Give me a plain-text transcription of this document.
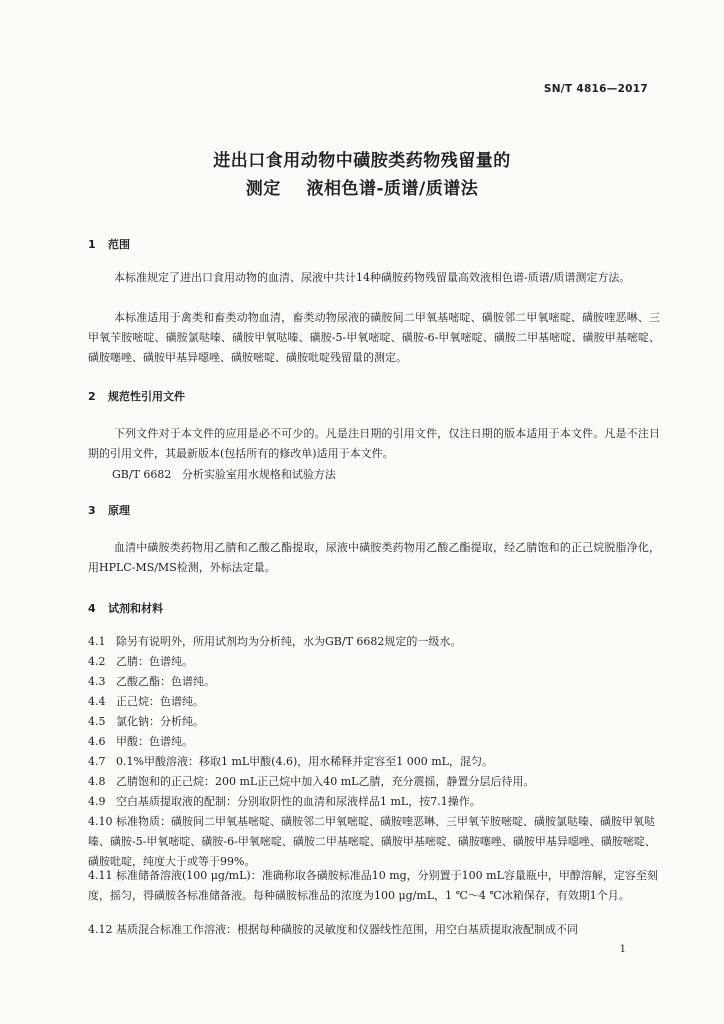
SN/T 4816—2017
进出口食用动物中磺胺类药物残留量的
测定    液相色谱-质谱/质谱法
1 范围
本标准规定了进出口食用动物的血清、尿液中共计14种磺胺药物残留量高效液相色谱-质谱/质谱测定方法。
本标准适用于禽类和畜类动物血清，畜类动物尿液的磺胺间二甲氧基嘧啶、磺胺邻二甲氧嘧啶、磺胺喹恶啉、三甲氧苄胺嘧啶、磺胺氯哒嗪、磺胺甲氧哒嗪、磺胺-5-甲氧嘧啶、磺胺-6-甲氧嘧啶、磺胺二甲基嘧啶、磺胺甲基嘧啶、磺胺噻唑、磺胺甲基异噁唑、磺胺嘧啶、磺胺吡啶残留量的测定。
2 规范性引用文件
下列文件对于本文件的应用是必不可少的。凡是注日期的引用文件，仅注日期的版本适用于本文件。凡是不注日期的引用文件，其最新版本(包括所有的修改单)适用于本文件。
GB/T 6682   分析实验室用水规格和试验方法
3 原理
血清中磺胺类药物用乙腈和乙酸乙酯提取，尿液中磺胺类药物用乙酸乙酯提取，经乙腈饱和的正己烷脱脂净化，用HPLC-MS/MS检测，外标法定量。
4 试剂和材料
4.1 除另有说明外，所用试剂均为分析纯，水为GB/T 6682规定的一级水。
4.2 乙腈：色谱纯。
4.3 乙酸乙酯：色谱纯。
4.4 正己烷：色谱纯。
4.5 氯化钠：分析纯。
4.6 甲酸：色谱纯。
4.7 0.1%甲酸溶液：移取1 mL甲酸(4.6)，用水稀释并定容至1 000 mL，混匀。
4.8 乙腈饱和的正己烷：200 mL正己烷中加入40 mL乙腈，充分震摇，静置分层后待用。
4.9 空白基质提取液的配制：分别取阴性的血清和尿液样品1 mL，按7.1操作。
4.10 标准物质：磺胺间二甲氧基嘧啶、磺胺邻二甲氧嘧啶、磺胺喹恶啉、三甲氧苄胺嘧啶、磺胺氯哒嗪、磺胺甲氧哒嗪、磺胺-5-甲氧嘧啶、磺胺-6-甲氧嘧啶、磺胺二甲基嘧啶、磺胺甲基嘧啶、磺胺噻唑、磺胺甲基异噁唑、磺胺嘧啶、磺胺吡啶，纯度大于或等于99%。
4.11 标准储备溶液(100 μg/mL)：准确称取各磺胺标准品10 mg，分别置于100 mL容量瓶中，甲醇溶解，定容至刻度，摇匀，得磺胺各标准储备液。每种磺胺标准品的浓度为100 μg/mL，1 ℃～4 ℃冰箱保存，有效期1个月。
4.12 基质混合标准工作溶液：根据每种磺胺的灵敏度和仪器线性范围，用空白基质提取液配制成不同
1
